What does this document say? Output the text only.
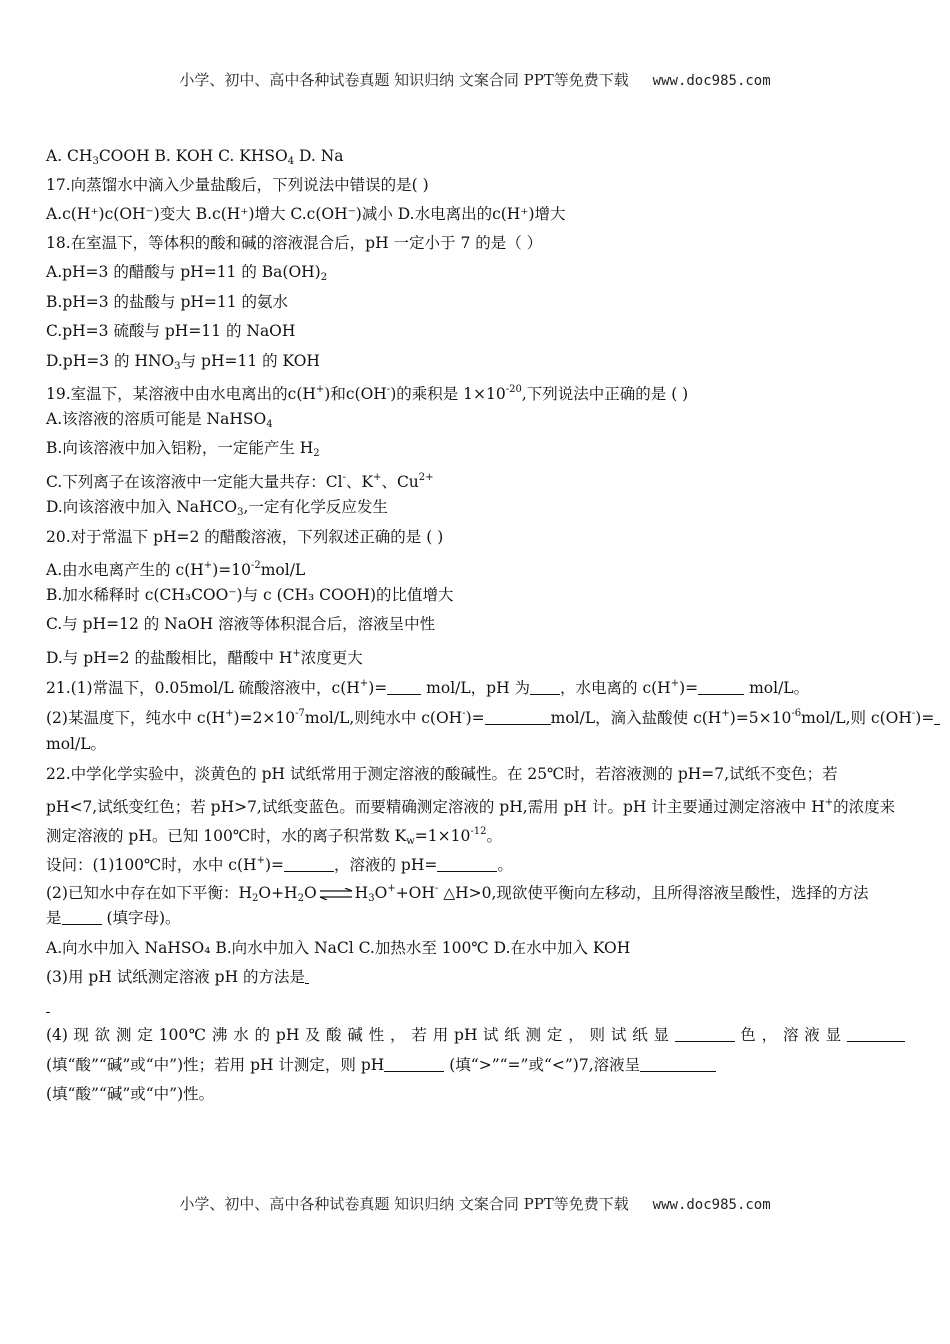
小学、初中、高中各种试卷真题 知识归纳 文案合同 PPT等免费下载 www.doc985.com
A. $CH_3COOH$ B. KOH C. $KHSO_4$ D. Na
17.向蒸馏水中滴入少量盐酸后，下列说法中错误的是( )
A.c(H⁺)c(OH⁻)变大 B.c(H⁺)增大 C.c(OH⁻)减小 D.水电离出的c(H⁺)增大
18.在室温下，等体积的酸和碱的溶液混合后，pH 一定小于 7 的是（ ）
A.pH=3 的醋酸与 pH=11 的 $Ba(OH)_2$
B.pH=3 的盐酸与 pH=11 的氨水
C.pH=3 硫酸与 pH=11 的 NaOH
D.pH=3 的 $HNO_3$与 pH=11 的 KOH
19.室温下，某溶液中由水电离出的c(H+)和c(OH-)的乘积是 $1\times 10^{-20}$,下列说法中正确的是 ( )
A.该溶液的溶质可能是 NaHSO$_4$
B.向该溶液中加入铝粉，一定能产生 $H_2$
C.下列离子在该溶液中一定能大量共存：Cl-、K+、$Cu^{2+}$
D.向该溶液中加入 NaHCO$_3$,一定有化学反应发生
20.对于常温下 pH=2 的醋酸溶液，下列叙述正确的是 ( )
A.由水电离产生的 $c(H^+)=10^{-2}mol/L$
B.加水稀释时 c(CH₃COO⁻)与 c (CH₃ COOH)的比值增大
C.与 pH=12 的 NaOH 溶液等体积混合后，溶液呈中性
D.与 pH=2 的盐酸相比，醋酸中 H+浓度更大
21.(1)常温下，0.05mol/L 硫酸溶液中，c(H+)= mol/L，pH 为 ，水电离的 c(H+)=	mol/L。
(2)某温度下，纯水中 $c(H^+)=2\times 10^{-7}mol/L$,则纯水中 c(OH-)=	mol/L，滴入盐酸使 $c(H^+)=5\times 10^{-6}mol/L$,则 c(OH-)=
mol/L。
22.中学化学实验中，淡黄色的 pH 试纸常用于测定溶液的酸碱性。在 25℃时，若溶液测的 pH=7,试纸不变色；若
pH<7,试纸变红色；若 pH>7,试纸变蓝色。而要精确测定溶液的 pH,需用 pH 计。pH 计主要通过测定溶液中 H+的浓度来
测定溶液的 pH。已知 100℃时，水的离子积常数 $K_w=1\times 10^{-12}$。
设问：(1)100℃时，水中 c(H+)=	，溶液的 pH=	。
(2)已知水中存在如下平衡：$H_2O+H_2O$ ⇌ $H_3O^++OH^-$ △H>0,现欲使平衡向左移动，且所得溶液呈酸性，选择的方法
是	(填字母)。
A.向水中加入 NaHSO₄ B.向水中加入 NaCl C.加热水至 100℃ D.在水中加入 KOH
(3)用 pH 试纸测定溶液 pH 的方法是
(4) 现 欲 测 定 100℃ 沸 水 的 pH 及 酸 碱 性 ， 若 用 pH 试 纸 测 定 ， 则 试 纸 显	色 ， 溶 液 显
(填“酸”“碱”或“中”)性；若用 pH 计测定，则 pH	(填“>”“=”或“<”)7,溶液呈
(填“酸”“碱”或“中”)性。
小学、初中、高中各种试卷真题 知识归纳 文案合同 PPT等免费下载 www.doc985.com
